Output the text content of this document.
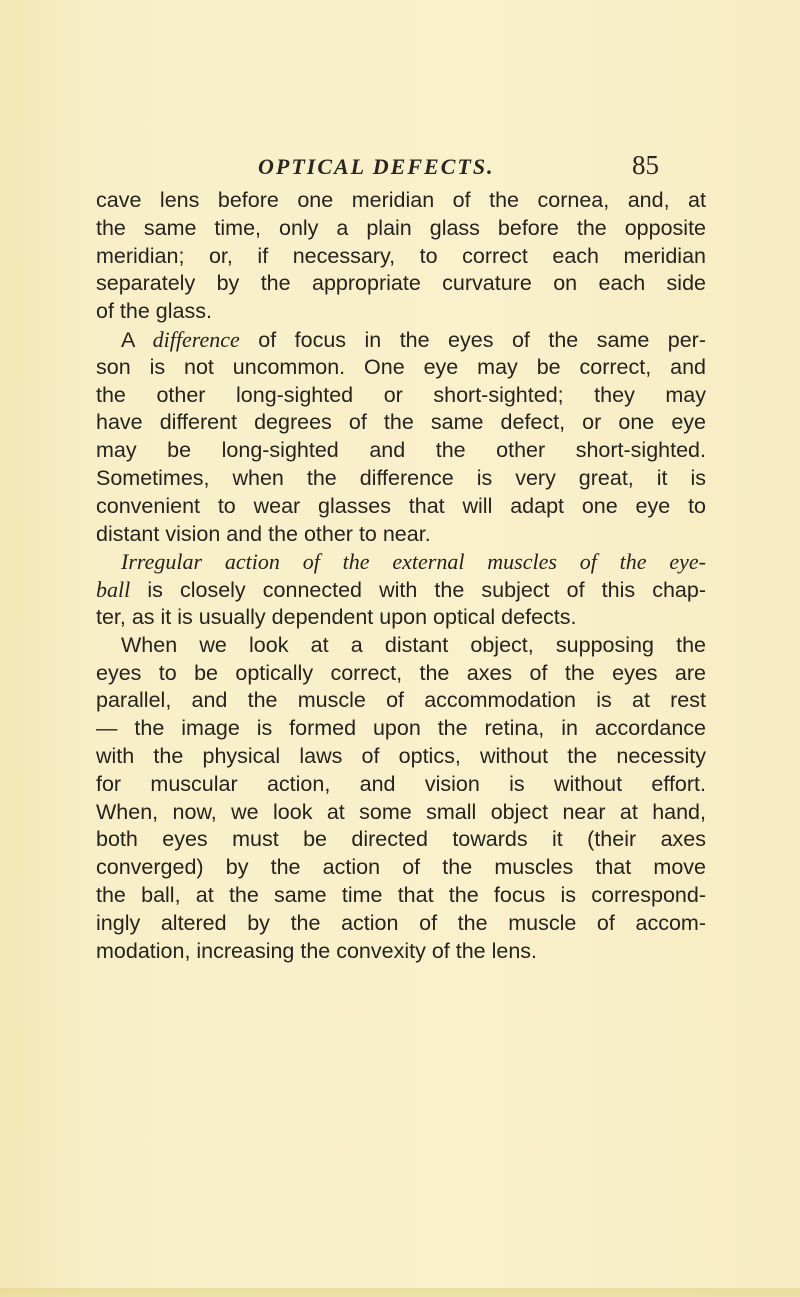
OPTICAL DEFECTS.	85
cave lens before one meridian of the cornea, and, at
the same time, only a plain glass before the opposite
meridian; or, if necessary, to correct each meridian
separately by the appropriate curvature on each side
of the glass.
A difference of focus in the eyes of the same per-
son is not uncommon. One eye may be correct, and
the other long-sighted or short-sighted; they may
have different degrees of the same defect, or one eye
may be long-sighted and the other short-sighted.
Sometimes, when the difference is very great, it is
convenient to wear glasses that will adapt one eye to
distant vision and the other to near.
Irregular action of the external muscles of the eye-
ball is closely connected with the subject of this chap-
ter, as it is usually dependent upon optical defects.
When we look at a distant object, supposing the
eyes to be optically correct, the axes of the eyes are
parallel, and the muscle of accommodation is at rest
— the image is formed upon the retina, in accordance
with the physical laws of optics, without the necessity
for muscular action, and vision is without effort.
When, now, we look at some small object near at hand,
both eyes must be directed towards it (their axes
converged) by the action of the muscles that move
the ball, at the same time that the focus is correspond-
ingly altered by the action of the muscle of accom-
modation, increasing the convexity of the lens.
